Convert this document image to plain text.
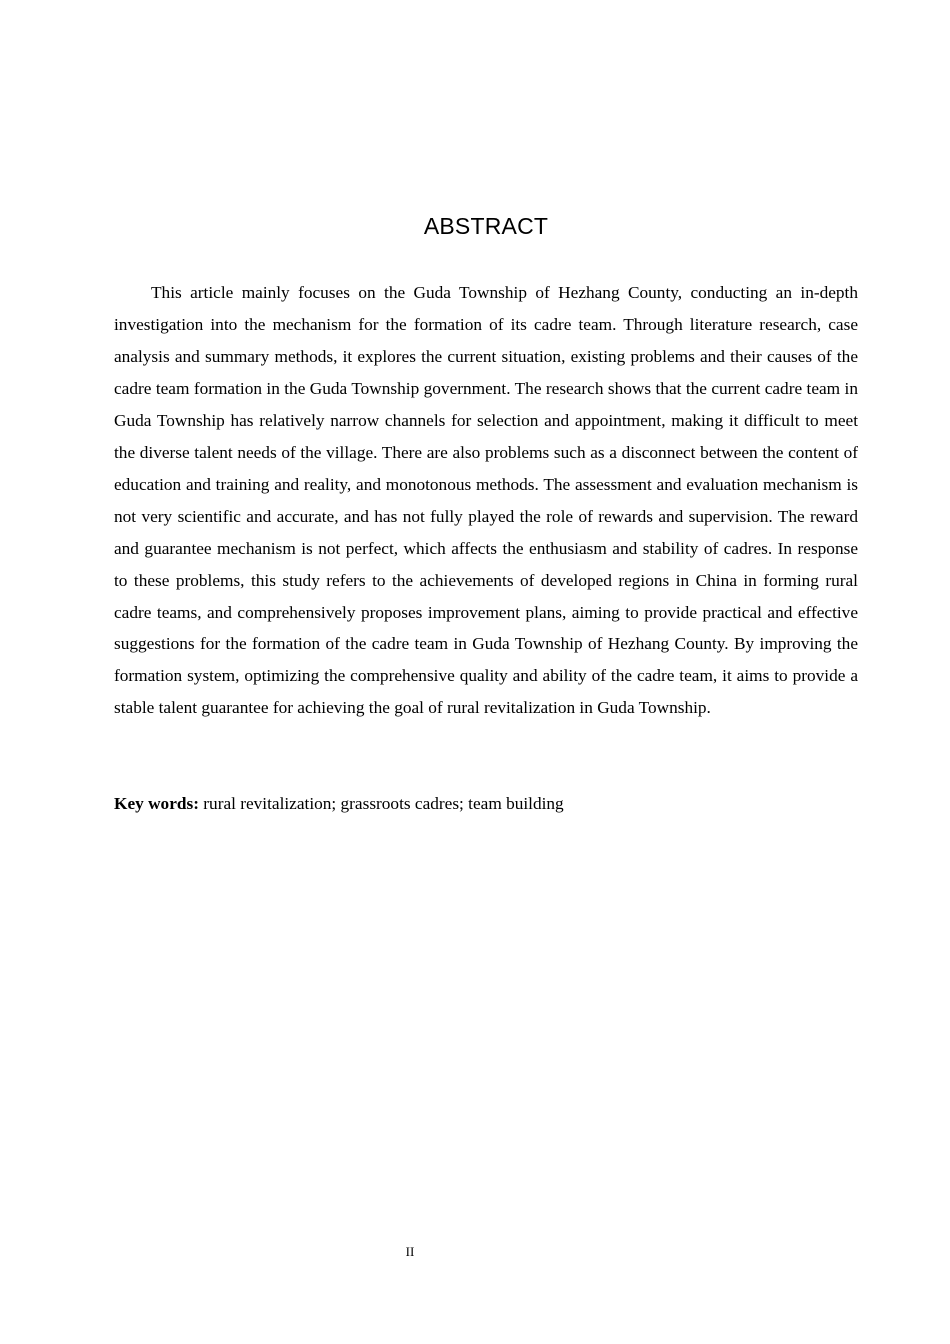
ABSTRACT

This article mainly focuses on the Guda Township of Hezhang County, conducting an in-depth investigation into the mechanism for the formation of its cadre team. Through literature research, case analysis and summary methods, it explores the current situation, existing problems and their causes of the cadre team formation in the Guda Township government. The research shows that the current cadre team in Guda Township has relatively narrow channels for selection and appointment, making it difficult to meet the diverse talent needs of the village. There are also problems such as a disconnect between the content of education and training and reality, and monotonous methods. The assessment and evaluation mechanism is not very scientific and accurate, and has not fully played the role of rewards and supervision. The reward and guarantee mechanism is not perfect, which affects the enthusiasm and stability of cadres. In response to these problems, this study refers to the achievements of developed regions in China in forming rural cadre teams, and comprehensively proposes improvement plans, aiming to provide practical and effective suggestions for the formation of the cadre team in Guda Township of Hezhang County. By improving the formation system, optimizing the comprehensive quality and ability of the cadre team, it aims to provide a stable talent guarantee for achieving the goal of rural revitalization in Guda Township.

Key words: rural revitalization; grassroots cadres; team building

II
